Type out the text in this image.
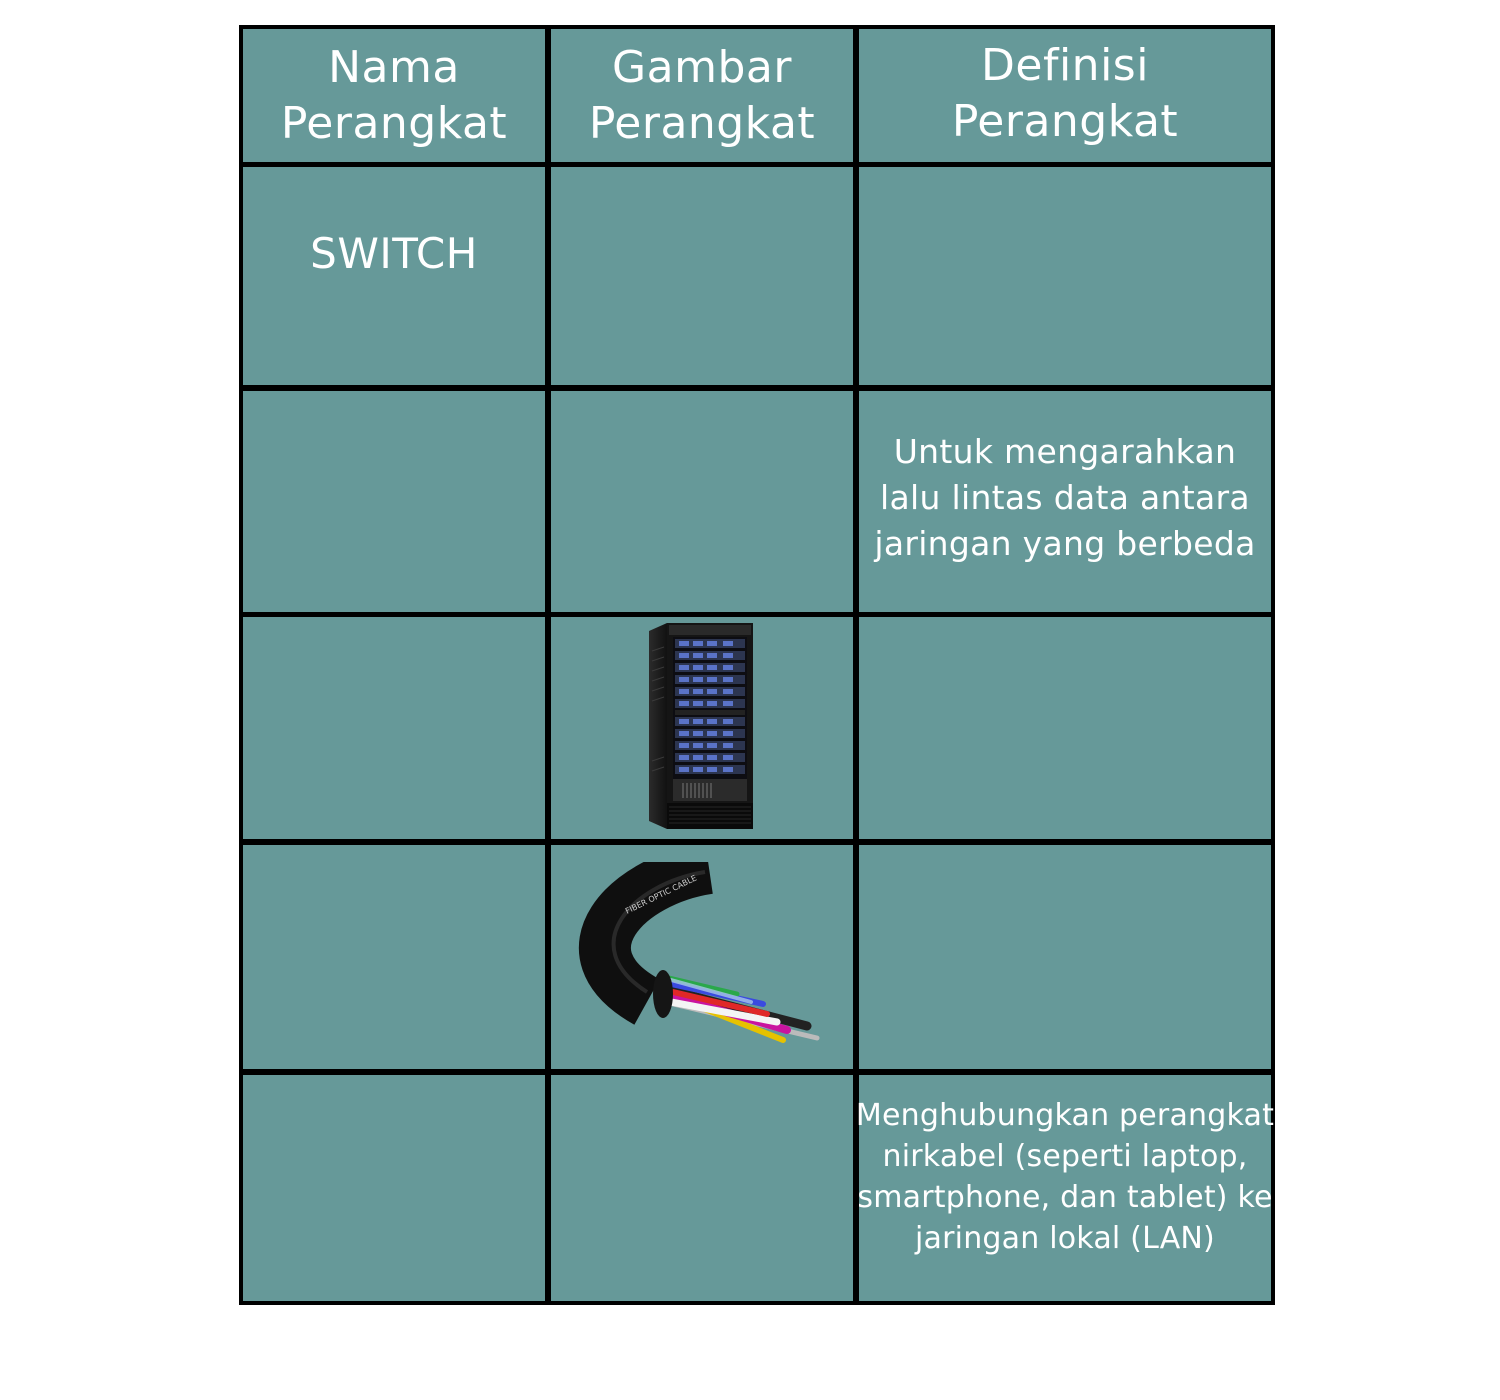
Nama
Perangkat
Gambar
Perangkat
Definisi
Perangkat
SWITCH
Untuk mengarahkan
lalu lintas data antara
jaringan yang berbeda
FIBER OPTIC CABLE
Menghubungkan perangkat
nirkabel (seperti laptop,
smartphone, dan tablet) ke
jaringan lokal (LAN)
